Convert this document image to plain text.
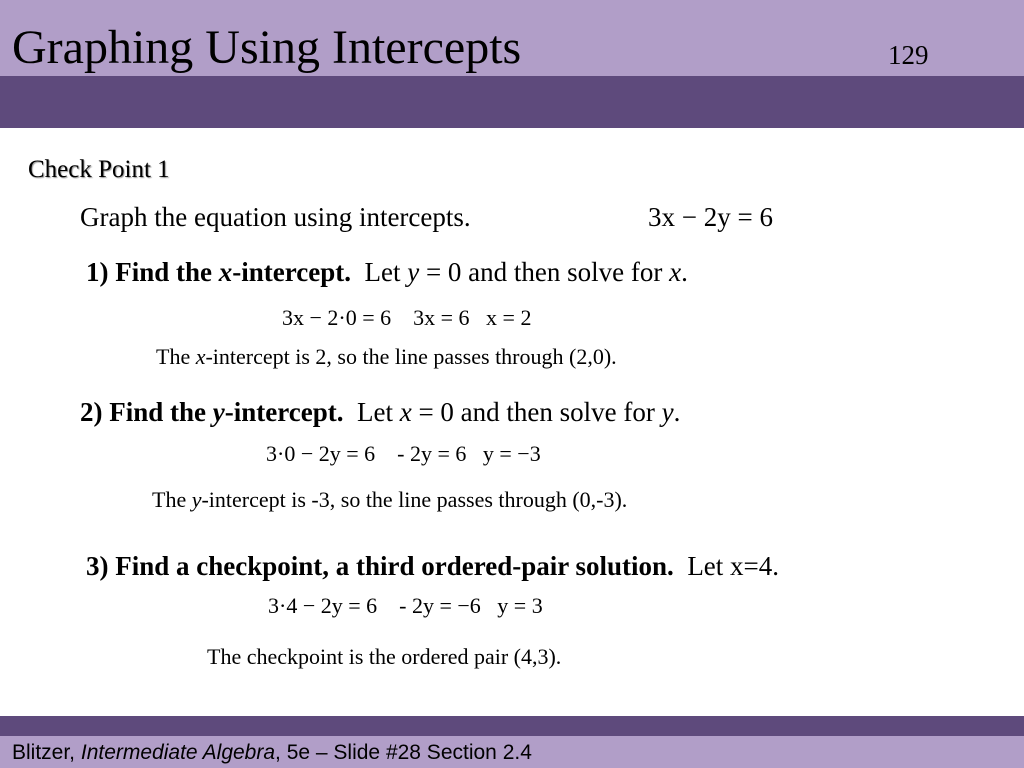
Graphing Using Intercepts	129
Check Point 1
Graph the equation using intercepts.	3x − 2y = 6
1) Find the x-intercept. Let y = 0 and then solve for x.
3x − 2·0 = 6    3x = 6   x = 2
The x-intercept is 2, so the line passes through (2,0).
2) Find the y-intercept. Let x = 0 and then solve for y.
3·0 − 2y = 6    - 2y = 6   y = −3
The y-intercept is -3, so the line passes through (0,-3).
3) Find a checkpoint, a third ordered-pair solution. Let x=4.
3·4 − 2y = 6    - 2y = −6   y = 3
The checkpoint is the ordered pair (4,3).
Blitzer, Intermediate Algebra, 5e – Slide #28 Section 2.4
